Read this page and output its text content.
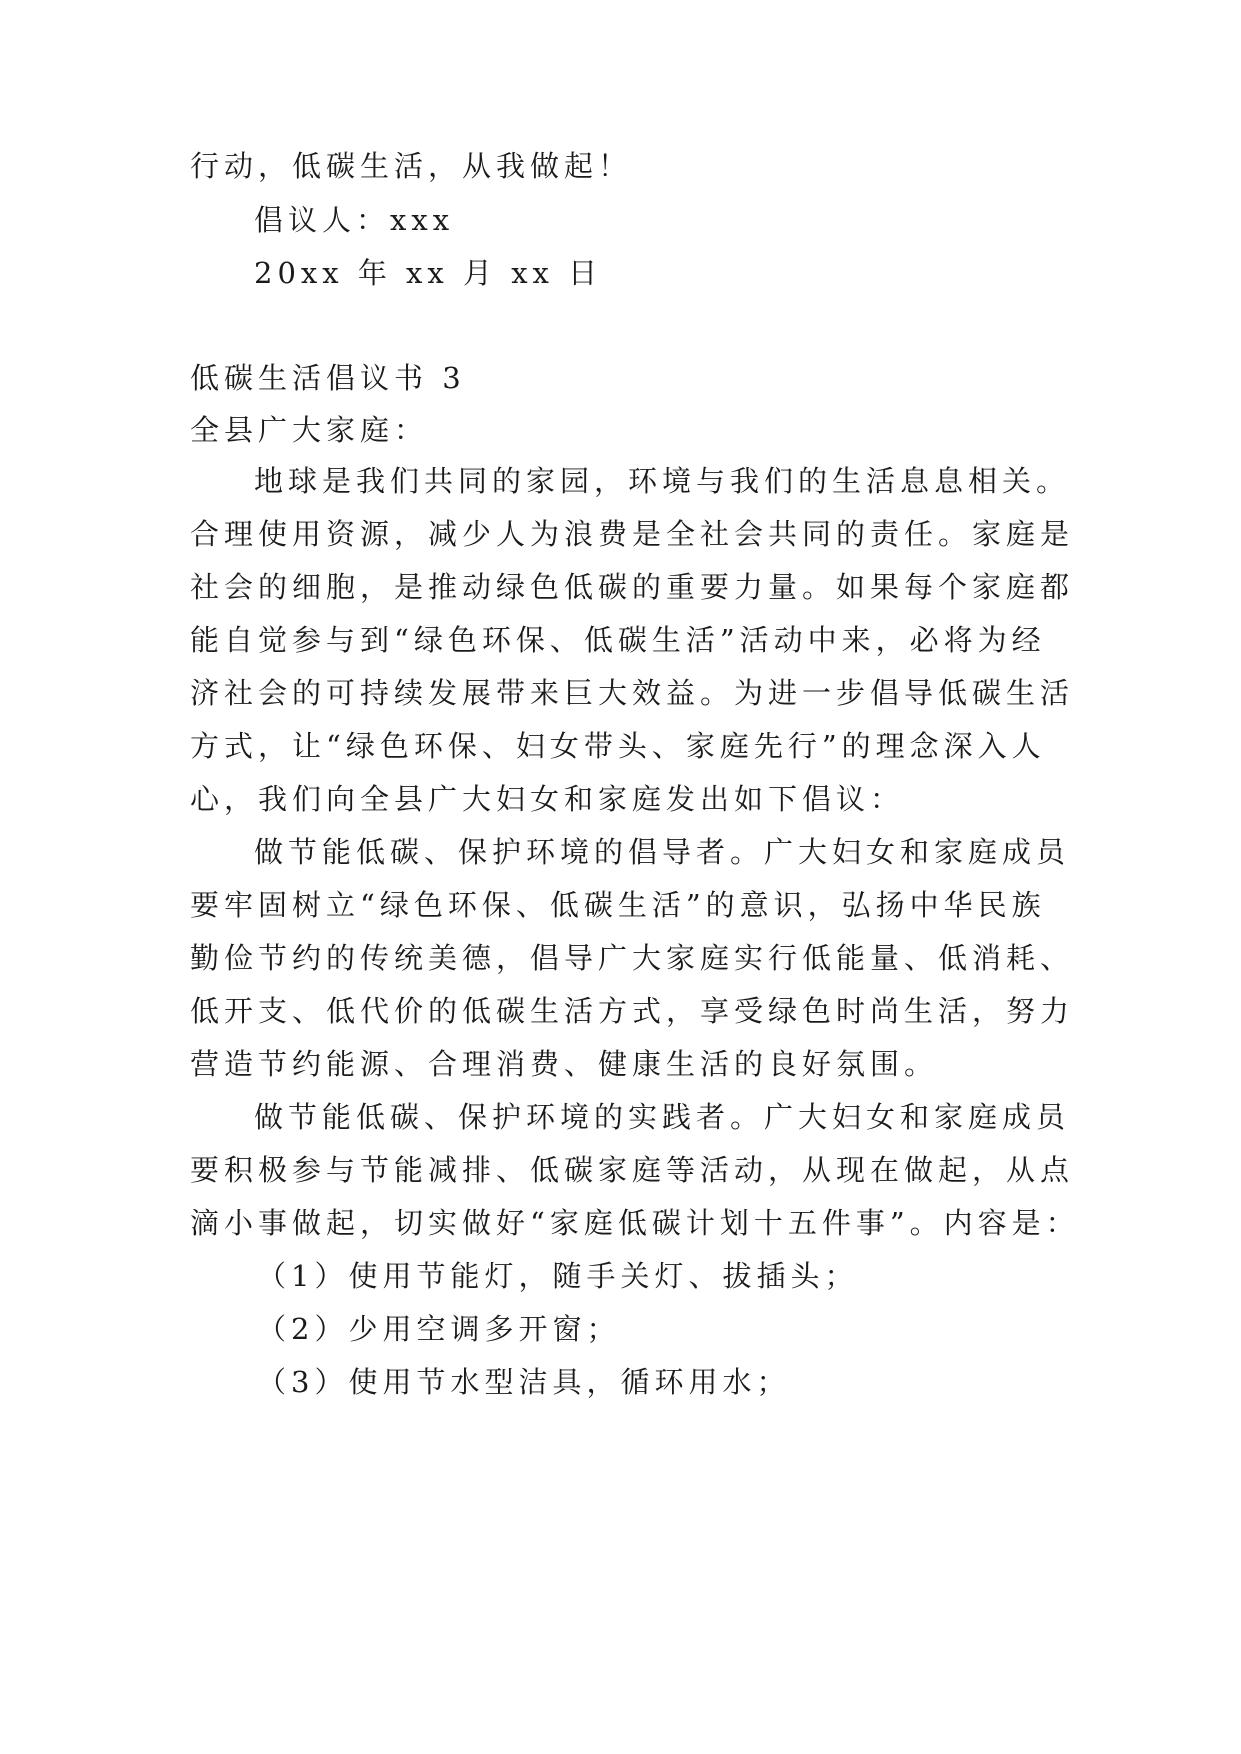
行动，低碳生活，从我做起！
倡议人：xxx
20xx 年 xx 月 xx 日
低碳生活倡议书 3
全县广大家庭：
地球是我们共同的家园，环境与我们的生活息息相关。
合理使用资源，减少人为浪费是全社会共同的责任。家庭是
社会的细胞，是推动绿色低碳的重要力量。如果每个家庭都
能自觉参与到“绿色环保、低碳生活”活动中来，必将为经
济社会的可持续发展带来巨大效益。为进一步倡导低碳生活
方式，让“绿色环保、妇女带头、家庭先行”的理念深入人
心，我们向全县广大妇女和家庭发出如下倡议：
做节能低碳、保护环境的倡导者。广大妇女和家庭成员
要牢固树立“绿色环保、低碳生活”的意识，弘扬中华民族
勤俭节约的传统美德，倡导广大家庭实行低能量、低消耗、
低开支、低代价的低碳生活方式，享受绿色时尚生活，努力
营造节约能源、合理消费、健康生活的良好氛围。
做节能低碳、保护环境的实践者。广大妇女和家庭成员
要积极参与节能减排、低碳家庭等活动，从现在做起，从点
滴小事做起，切实做好“家庭低碳计划十五件事”。内容是：
（1）使用节能灯，随手关灯、拔插头；
（2）少用空调多开窗；
（3）使用节水型洁具，循环用水；
